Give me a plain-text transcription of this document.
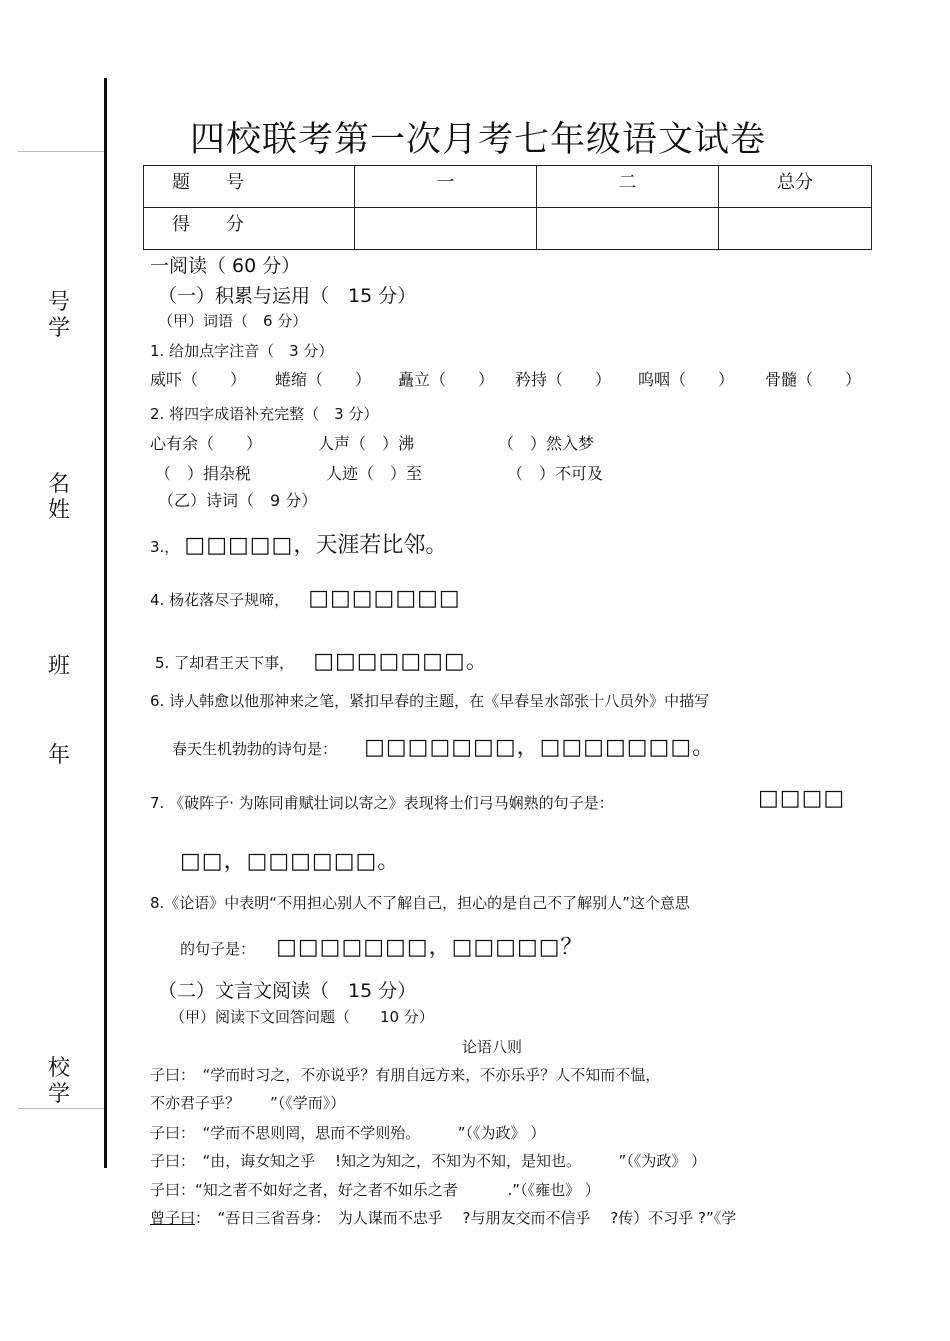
号学
名姓
班
年
校学
四校联考第一次月考七年级语文试卷
题　　号	一	二	总分
得　　分			
一阅读（ 60 分）
（一）积累与运用（　15 分）
（甲）词语（　6 分）
1. 给加点字注音（　3 分）
威吓（　　） 蜷缩（　　） 矗立（　　） 矜持（　　） 呜咽（　　） 骨髓（　　）
2. 将四字成语补充完整（　3 分）
心有余（　　）	人声（　）沸	（　）然入梦
（　）捐杂税	人迹（　）至	（　）不可及
（乙）诗词（　9 分）
3.， □□□□□，天涯若比邻。
4. 杨花落尽子规啼， □□□□□□□
5. 了却君王天下事， □□□□□□□。
6. 诗人韩愈以他那神来之笔，紧扣早春的主题，在《早春呈水部张十八员外》中描写
春天生机勃勃的诗句是： □□□□□□□，□□□□□□□。
7. 《破阵子· 为陈同甫赋壮词以寄之》表现将士们弓马娴熟的句子是：	□□□□
□□，□□□□□□。
8.《论语》中表明“不用担心别人不了解自己，担心的是自己不了解别人”这个意思
的句子是： □□□□□□□，□□□□□？
（二）文言文阅读（　15 分）
（甲）阅读下文回答问题（　　10 分）
论语八则
子曰：　“学而时习之，不亦说乎？有朋自远方来，不亦乐乎？人不知而不愠，
不亦君子乎？　　”（《学而》）
子曰：　“学而不思则罔，思而不学则殆。　　　”（《为政》 ）
子曰：　“由，诲女知之乎　 !知之为知之，不知为不知，是知也。　　　”（《为政》 ）
子曰：“知之者不如好之者，好之者不如乐之者　　　 .”（《雍也》 ）
曾子曰：　“吾日三省吾身：　为人谋而不忠乎　 ?与朋友交而不信乎　 ?传）不习乎 ?”《学
